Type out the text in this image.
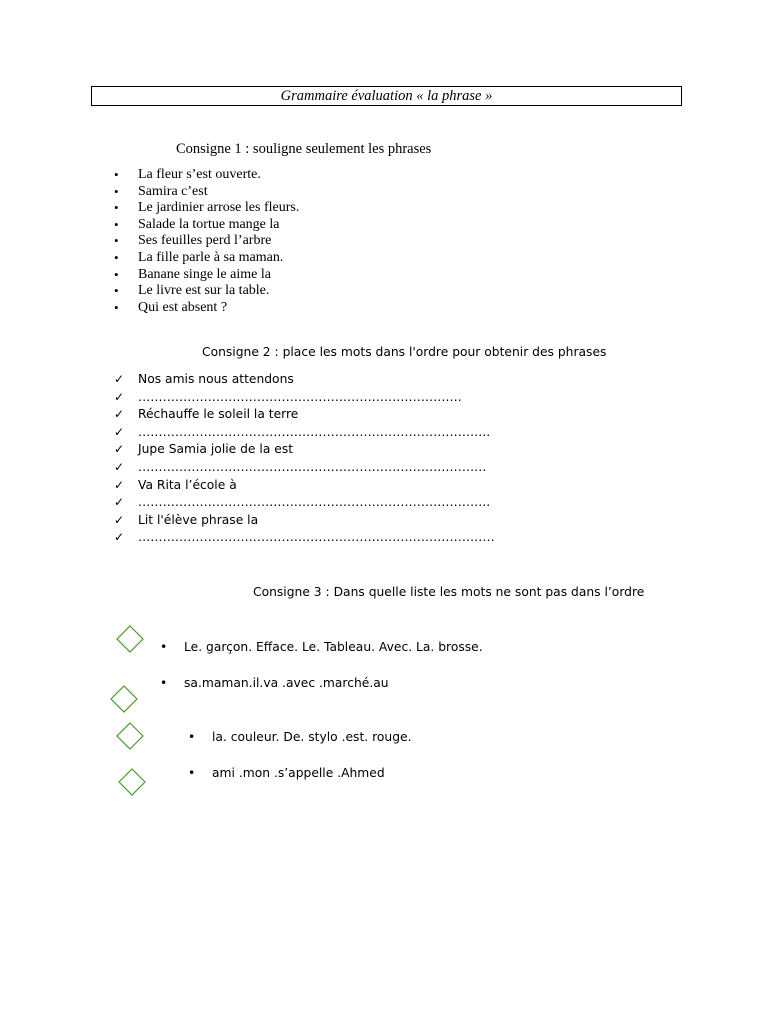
Grammaire évaluation « la phrase »
Consigne 1 : souligne seulement les phrases
• La fleur s’est ouverte.
• Samira c’est
• Le jardinier arrose les fleurs.
• Salade la tortue mange la
• Ses feuilles perd l’arbre
• La fille parle à sa maman.
• Banane singe le aime la
• Le livre est sur la table.
• Qui est absent ?
Consigne 2 : place les mots dans l'ordre pour obtenir des phrases
✓ Nos amis nous attendons
✓ …………………………………………………………………….
✓ Réchauffe le soleil la terre
✓ …………………………………………………………………………..
✓ Jupe Samia jolie de la est
✓ ………………………………………………………………………….
✓ Va Rita l’école à
✓ …………………………………………………………………………..
✓ Lit l'élève phrase la
✓ ……………………………………………………………………………
Consigne 3 : Dans quelle liste les mots ne sont pas dans l’ordre
• Le. garçon. Efface. Le. Tableau. Avec. La. brosse.
• sa.maman.il.va .avec .marché.au
• la. couleur. De. stylo .est. rouge.
• ami .mon .s’appelle .Ahmed
